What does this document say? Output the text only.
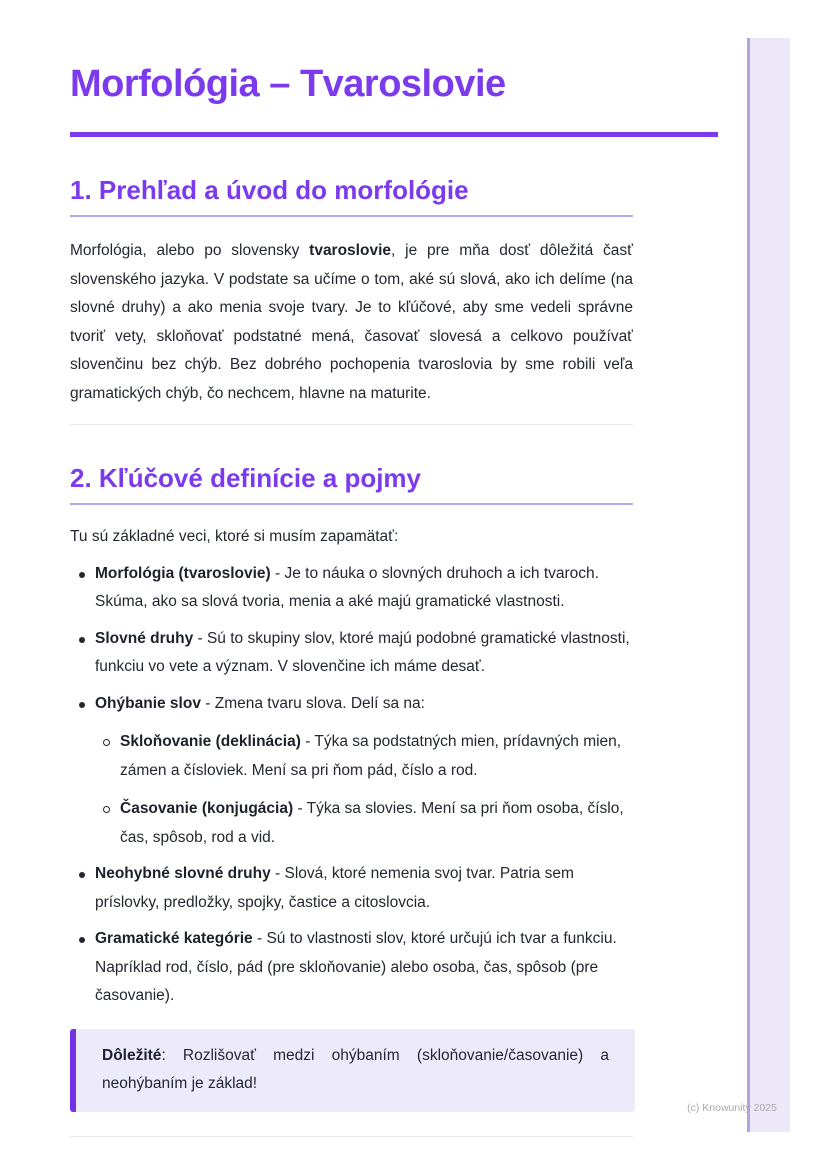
Morfológia – Tvaroslovie
1. Prehľad a úvod do morfológie

Morfológia, alebo po slovensky tvaroslovie, je pre mňa dosť dôležitá časť slovenského jazyka. V podstate sa učíme o tom, aké sú slová, ako ich delíme (na slovné druhy) a ako menia svoje tvary. Je to kľúčové, aby sme vedeli správne tvoriť vety, skloňovať podstatné mená, časovať slovesá a celkovo používať slovenčinu bez chýb. Bez dobrého pochopenia tvaroslovia by sme robili veľa gramatických chýb, čo nechcem, hlavne na maturite.

2. Kľúčové definície a pojmy

Tu sú základné veci, ktoré si musím zapamätať:

Morfológia (tvaroslovie) - Je to náuka o slovných druhoch a ich tvaroch. Skúma, ako sa slová tvoria, menia a aké majú gramatické vlastnosti.
Slovné druhy - Sú to skupiny slov, ktoré majú podobné gramatické vlastnosti, funkciu vo vete a význam. V slovenčine ich máme desať.
Ohýbanie slov - Zmena tvaru slova. Delí sa na:
Skloňovanie (deklinácia) - Týka sa podstatných mien, prídavných mien, zámen a čísloviek. Mení sa pri ňom pád, číslo a rod.
Časovanie (konjugácia) - Týka sa slovies. Mení sa pri ňom osoba, číslo, čas, spôsob, rod a vid.
Neohybné slovné druhy - Slová, ktoré nemenia svoj tvar. Patria sem príslovky, predložky, spojky, častice a citoslovcia.
Gramatické kategórie - Sú to vlastnosti slov, ktoré určujú ich tvar a funkciu. Napríklad rod, číslo, pád (pre skloňovanie) alebo osoba, čas, spôsob (pre časovanie).

Dôležité: Rozlišovať medzi ohýbaním (skloňovanie/časovanie) a neohýbaním je základ!

(c) Knowunity 2025
